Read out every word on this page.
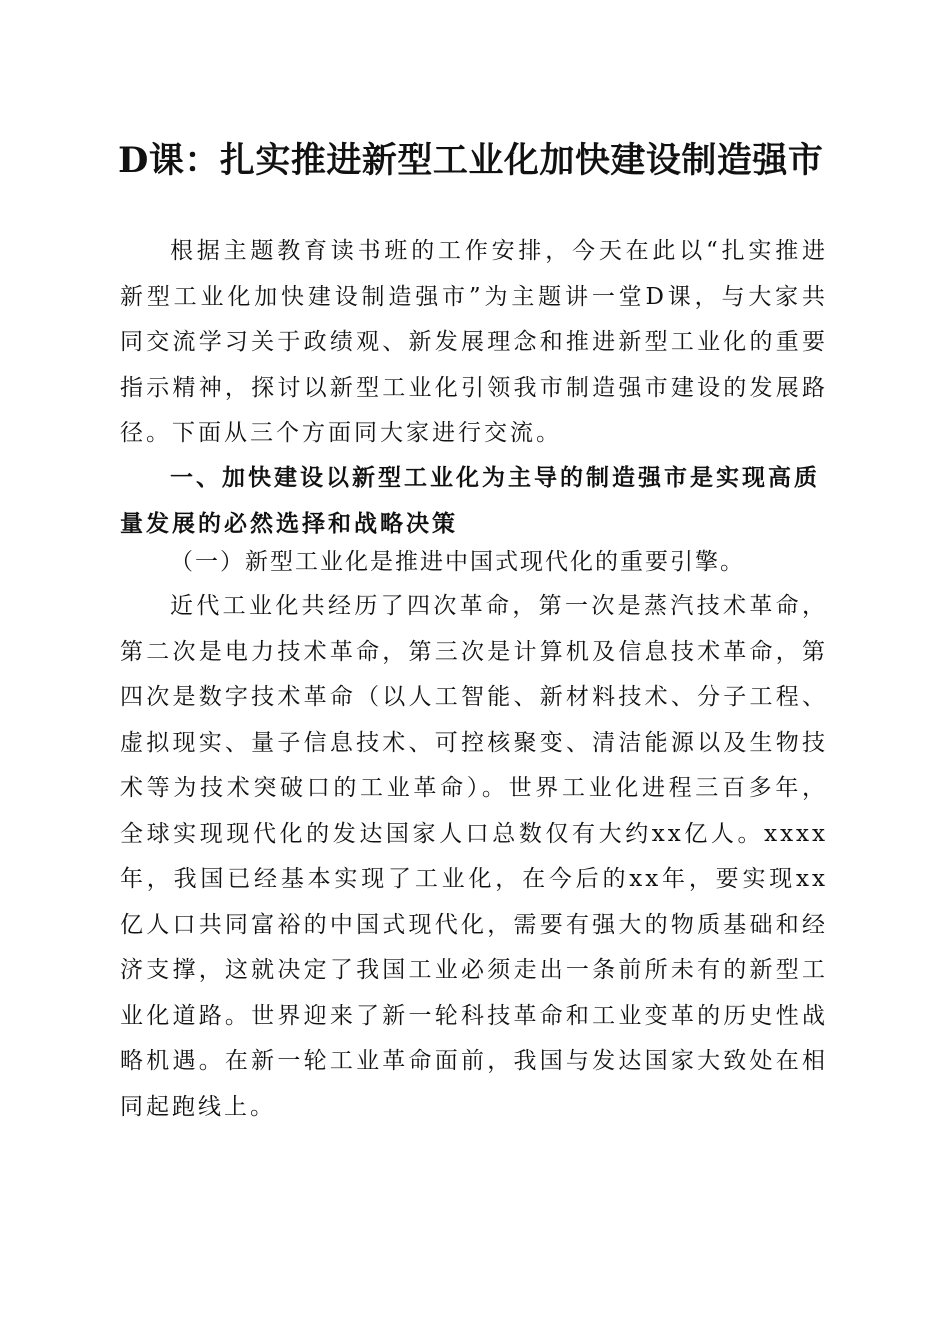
D课：扎实推进新型工业化加快建设制造强市
根据主题教育读书班的工作安排，今天在此以“扎实推进新型工业化加快建设制造强市”为主题讲一堂D课，与大家共同交流学习关于政绩观、新发展理念和推进新型工业化的重要指示精神，探讨以新型工业化引领我市制造强市建设的发展路径。下面从三个方面同大家进行交流。
一、加快建设以新型工业化为主导的制造强市是实现高质量发展的必然选择和战略决策
（一）新型工业化是推进中国式现代化的重要引擎。
近代工业化共经历了四次革命，第一次是蒸汽技术革命，第二次是电力技术革命，第三次是计算机及信息技术革命，第四次是数字技术革命（以人工智能、新材料技术、分子工程、虚拟现实、量子信息技术、可控核聚变、清洁能源以及生物技术等为技术突破口的工业革命）。世界工业化进程三百多年，全球实现现代化的发达国家人口总数仅有大约xx亿人。xxxx年，我国已经基本实现了工业化，在今后的xx年，要实现xx亿人口共同富裕的中国式现代化，需要有强大的物质基础和经济支撑，这就决定了我国工业必须走出一条前所未有的新型工业化道路。世界迎来了新一轮科技革命和工业变革的历史性战略机遇。在新一轮工业革命面前，我国与发达国家大致处在相同起跑线上。
